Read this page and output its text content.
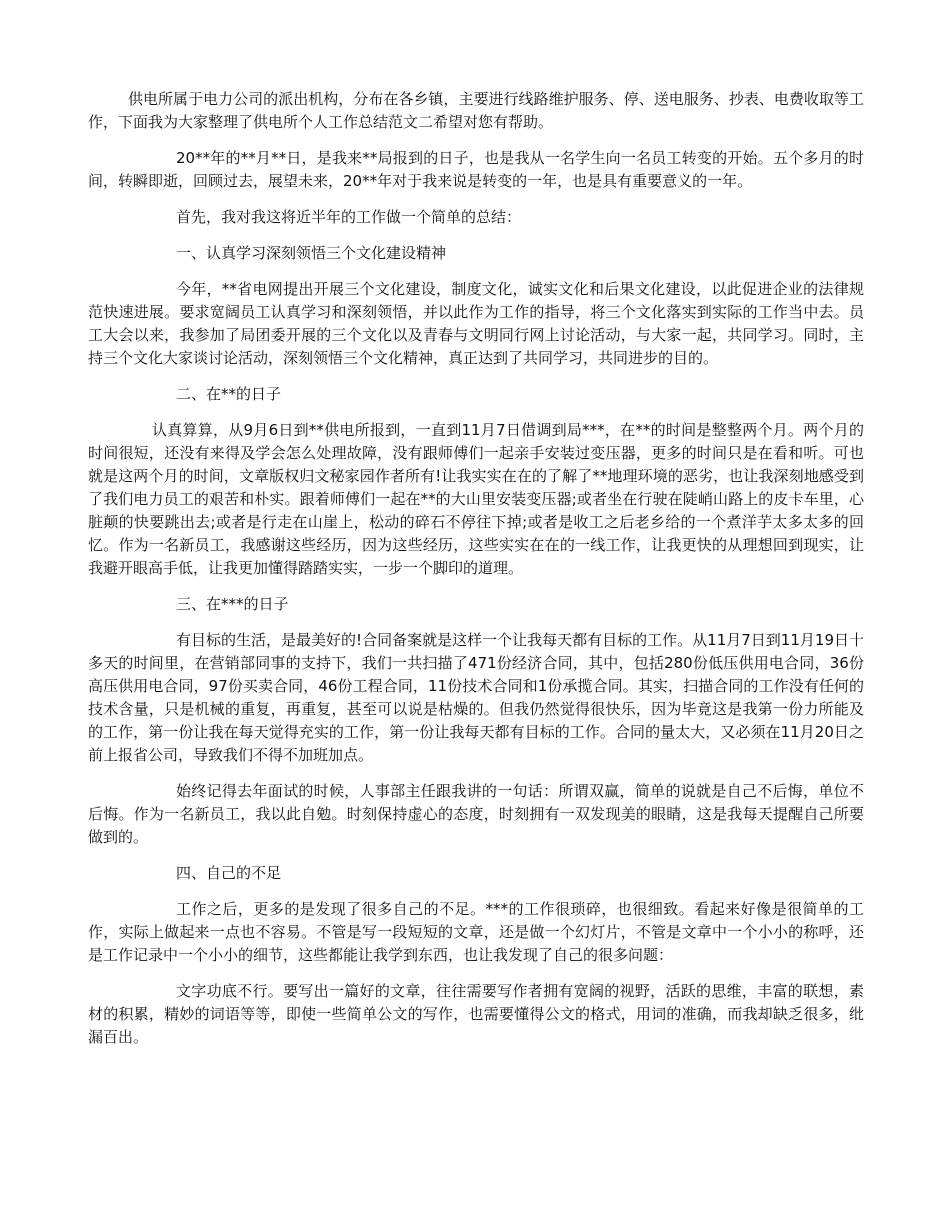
供电所属于电力公司的派出机构，分布在各乡镇，主要进行线路维护服务、停、送电服务、抄表、电费收取等工作，下面我为大家整理了供电所个人工作总结范文二希望对您有帮助。

20**年的**月**日，是我来**局报到的日子，也是我从一名学生向一名员工转变的开始。五个多月的时间，转瞬即逝，回顾过去，展望未来，20**年对于我来说是转变的一年，也是具有重要意义的一年。

首先，我对我这将近半年的工作做一个简单的总结：

一、认真学习深刻领悟三个文化建设精神

今年，**省电网提出开展三个文化建设，制度文化，诚实文化和后果文化建设，以此促进企业的法律规范快速进展。要求宽阔员工认真学习和深刻领悟，并以此作为工作的指导，将三个文化落实到实际的工作当中去。员工大会以来，我参加了局团委开展的三个文化以及青春与文明同行网上讨论活动，与大家一起，共同学习。同时，主持三个文化大家谈讨论活动，深刻领悟三个文化精神，真正达到了共同学习，共同进步的目的。

二、在**的日子

认真算算，从9月6日到**供电所报到，一直到11月7日借调到局***，在**的时间是整整两个月。两个月的时间很短，还没有来得及学会怎么处理故障，没有跟师傅们一起亲手安装过变压器，更多的时间只是在看和听。可也就是这两个月的时间，文章版权归文秘家园作者所有!让我实实在在的了解了**地理环境的恶劣，也让我深刻地感受到了我们电力员工的艰苦和朴实。跟着师傅们一起在**的大山里安装变压器;或者坐在行驶在陡峭山路上的皮卡车里，心脏颠的快要跳出去;或者是行走在山崖上，松动的碎石不停往下掉;或者是收工之后老乡给的一个煮洋芋太多太多的回忆。作为一名新员工，我感谢这些经历，因为这些经历，这些实实在在的一线工作，让我更快的从理想回到现实，让我避开眼高手低，让我更加懂得踏踏实实，一步一个脚印的道理。

三、在***的日子

有目标的生活，是最美好的!合同备案就是这样一个让我每天都有目标的工作。从11月7日到11月19日十多天的时间里，在营销部同事的支持下，我们一共扫描了471份经济合同，其中，包括280份低压供用电合同，36份高压供用电合同，97份买卖合同，46份工程合同，11份技术合同和1份承揽合同。其实，扫描合同的工作没有任何的技术含量，只是机械的重复，再重复，甚至可以说是枯燥的。但我仍然觉得很快乐，因为毕竟这是我第一份力所能及的工作，第一份让我在每天觉得充实的工作，第一份让我每天都有目标的工作。合同的量太大，又必须在11月20日之前上报省公司，导致我们不得不加班加点。

始终记得去年面试的时候，人事部主任跟我讲的一句话：所谓双赢，简单的说就是自己不后悔，单位不后悔。作为一名新员工，我以此自勉。时刻保持虚心的态度，时刻拥有一双发现美的眼睛，这是我每天提醒自己所要做到的。

四、自己的不足

工作之后，更多的是发现了很多自己的不足。***的工作很琐碎，也很细致。看起来好像是很简单的工作，实际上做起来一点也不容易。不管是写一段短短的文章，还是做一个幻灯片，不管是文章中一个小小的称呼，还是工作记录中一个小小的细节，这些都能让我学到东西，也让我发现了自己的很多问题：

文字功底不行。要写出一篇好的文章，往往需要写作者拥有宽阔的视野，活跃的思维，丰富的联想，素材的积累，精妙的词语等等，即使一些简单公文的写作，也需要懂得公文的格式，用词的准确，而我却缺乏很多，纰漏百出。
